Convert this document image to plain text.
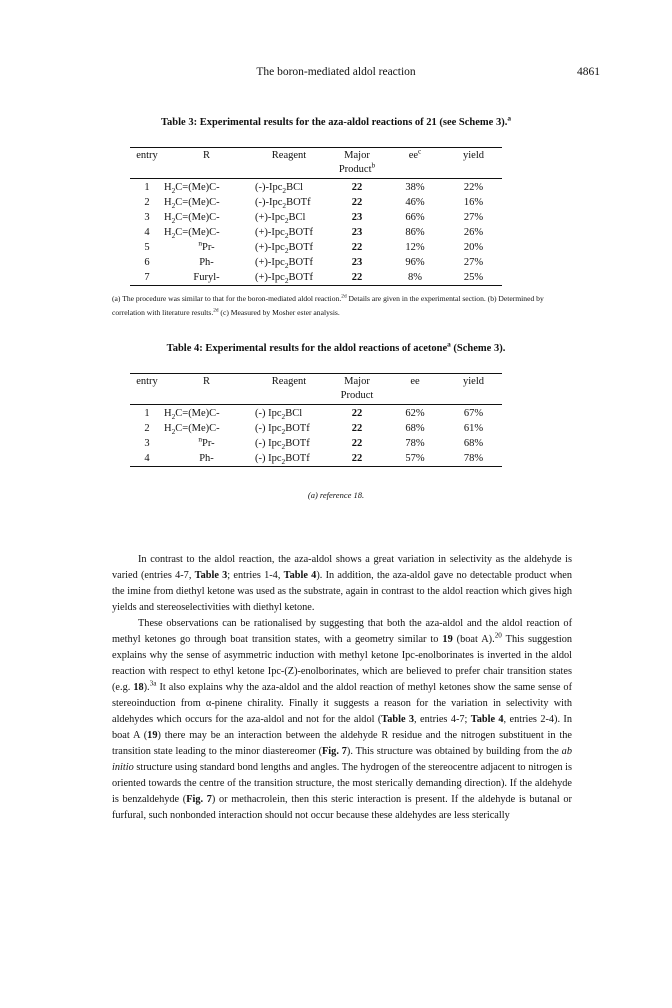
The boron-mediated aldol reaction	4861
Table 3: Experimental results for the aza-aldol reactions of 21 (see Scheme 3).$^a$
entry	R	Reagent	Major	$ee^c$	yield
			Product$^b$		
1	$H_2C=(Me)C-$	(-)-Ipc$_2$BCl	22	38%	22%
2	$H_2C=(Me)C-$	(-)-Ipc$_2$BOTf	22	46%	16%
3	$H_2C=(Me)C-$	(+)-Ipc$_2$BCl	23	66%	27%
4	$H_2C=(Me)C-$	(+)-Ipc$_2$BOTf	23	86%	26%
5	$^n$Pr-	(+)-Ipc$_2$BOTf	22	12%	20%
6	Ph-	(+)-Ipc$_2$BOTf	23	96%	27%
7	Furyl-	(+)-Ipc$_2$BOTf	22	8%	25%
(a) The procedure was similar to that for the boron-mediated aldol reaction.$^{2d}$ Details are given in the experimental section. (b) Determined by correlation with literature results.$^{2d}$ (c) Measured by Mosher ester analysis.
Table 4: Experimental results for the aldol reactions of acetone$^a$ (Scheme 3).
entry	R	Reagent	Major	ee	yield
			Product		
1	$H_2C=(Me)C-$	(-) Ipc$_2$BCl	22	62%	67%
2	$H_2C=(Me)C-$	(-) Ipc$_2$BOTf	22	68%	61%
3	$^n$Pr-	(-) Ipc$_2$BOTf	22	78%	68%
4	Ph-	(-) Ipc$_2$BOTf	22	57%	78%
(a) reference 18.

In contrast to the aldol reaction, the aza-aldol shows a great variation in selectivity as the aldehyde is varied (entries 4-7, Table 3; entries 1-4, Table 4). In addition, the aza-aldol gave no detectable product when the imine from diethyl ketone was used as the substrate, again in contrast to the aldol reaction which gives high yields and stereoselectivities with diethyl ketone.

These observations can be rationalised by suggesting that both the aza-aldol and the aldol reaction of methyl ketones go through boat transition states, with a geometry similar to 19 (boat A).$^{20}$ This suggestion explains why the sense of asymmetric induction with methyl ketone Ipc-enolborinates is inverted in the aldol reaction with respect to ethyl ketone Ipc-(Z)-enolborinates, which are believed to prefer chair transition states (e.g. 18).$^{3a}$ It also explains why the aza-aldol and the aldol reaction of methyl ketones show the same sense of stereoinduction from α-pinene chirality. Finally it suggests a reason for the variation in selectivity with aldehydes which occurs for the aza-aldol and not for the aldol (Table 3, entries 4-7; Table 4, entries 2-4). In boat A (19) there may be an interaction between the aldehyde R residue and the nitrogen substituent in the transition state leading to the minor diastereomer (Fig. 7). This structure was obtained by building from the ab initio structure using standard bond lengths and angles. The hydrogen of the stereocentre adjacent to nitrogen is oriented towards the centre of the transition structure, the most sterically demanding direction). If the aldehyde is benzaldehyde (Fig. 7) or methacrolein, then this steric interaction is present. If the aldehyde is butanal or furfural, such nonbonded interaction should not occur because these aldehydes are less sterically
